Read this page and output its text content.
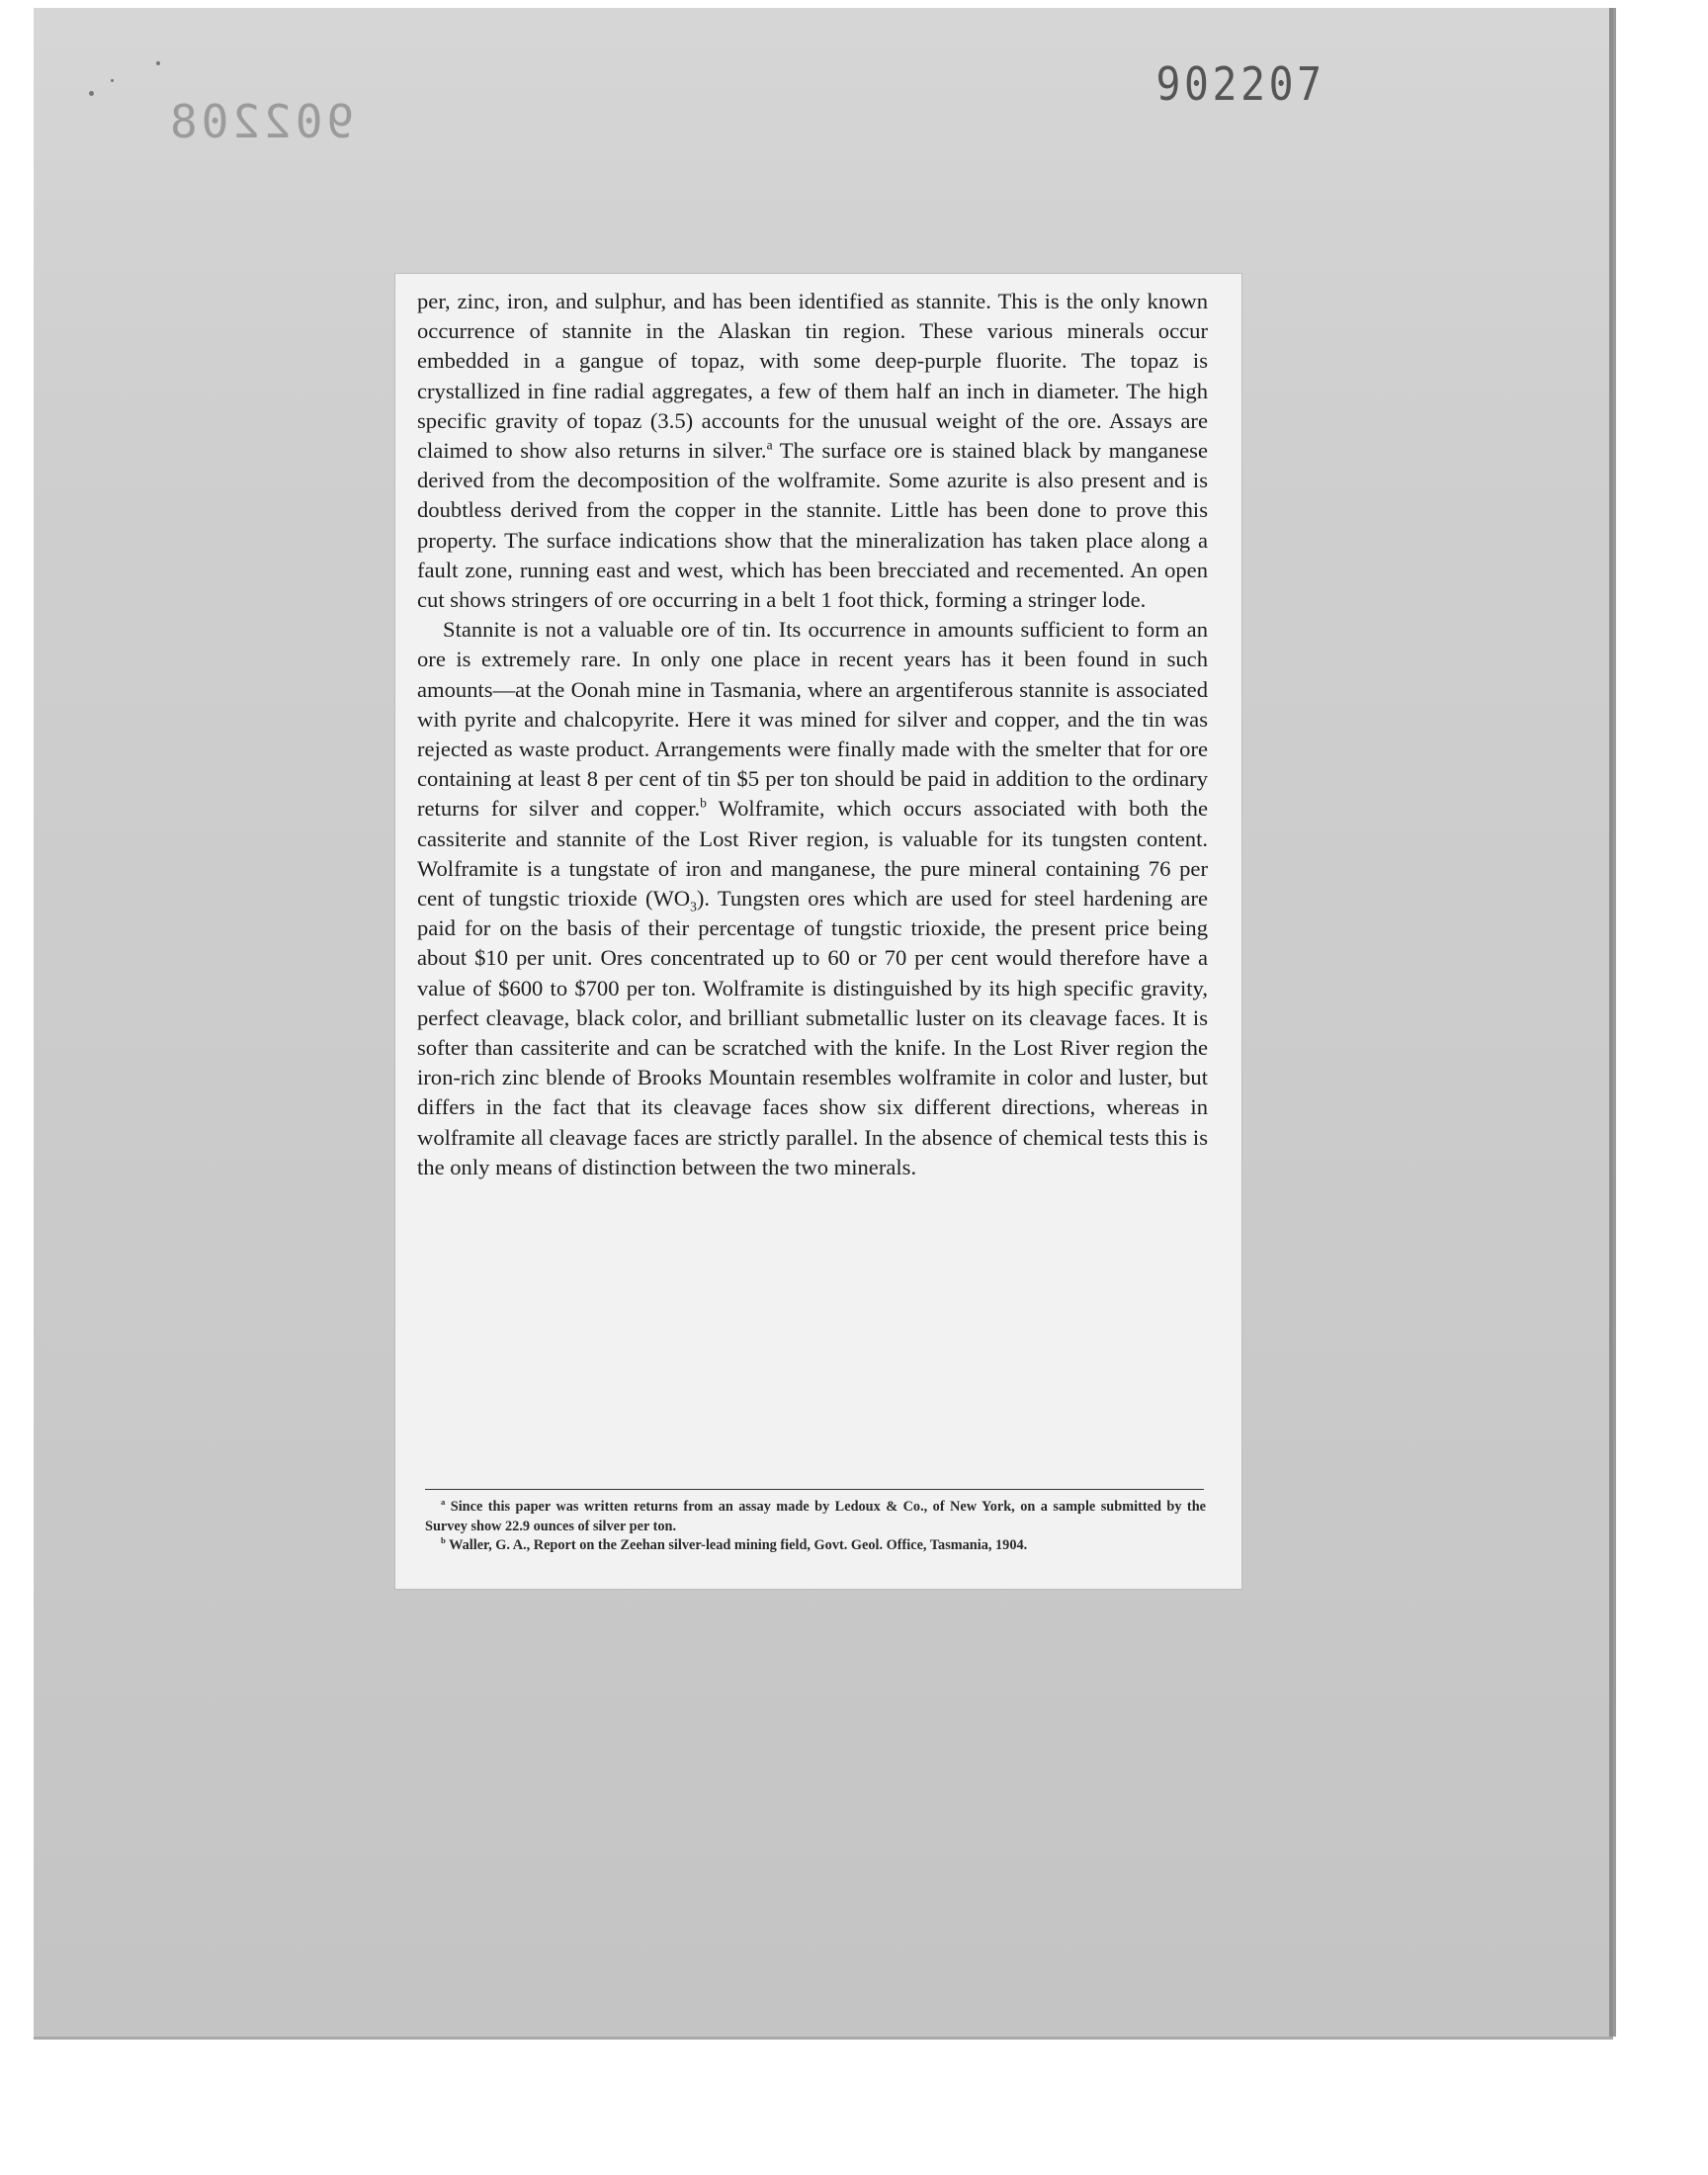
902208
902207

per, zinc, iron, and sulphur, and has been identified as stannite. This is the only known occurrence of stannite in the Alaskan tin region. These various minerals occur embedded in a gangue of topaz, with some deep-purple fluorite. The topaz is crystallized in fine radial aggregates, a few of them half an inch in diameter. The high specific gravity of topaz (3.5) accounts for the unusual weight of the ore. Assays are claimed to show also returns in silver.$^a$ The surface ore is stained black by manganese derived from the decomposition of the wolframite. Some azurite is also present and is doubtless derived from the copper in the stannite. Little has been done to prove this property. The surface indications show that the mineralization has taken place along a fault zone, running east and west, which has been brecciated and recemented. An open cut shows stringers of ore occurring in a belt 1 foot thick, forming a stringer lode.

Stannite is not a valuable ore of tin. Its occurrence in amounts sufficient to form an ore is extremely rare. In only one place in recent years has it been found in such amounts—at the Oonah mine in Tasmania, where an argentiferous stannite is associated with pyrite and chalcopyrite. Here it was mined for silver and copper, and the tin was rejected as waste product. Arrangements were finally made with the smelter that for ore containing at least 8 per cent of tin $5 per ton should be paid in addition to the ordinary returns for silver and copper.$^b$ Wolframite, which occurs associated with both the cassiterite and stannite of the Lost River region, is valuable for its tungsten content. Wolframite is a tungstate of iron and manganese, the pure mineral containing 76 per cent of tungstic trioxide $(WO_3)$. Tungsten ores which are used for steel hardening are paid for on the basis of their percentage of tungstic trioxide, the present price being about $10 per unit. Ores concentrated up to 60 or 70 per cent would therefore have a value of $600 to $700 per ton. Wolframite is distinguished by its high specific gravity, perfect cleavage, black color, and brilliant submetallic luster on its cleavage faces. It is softer than cassiterite and can be scratched with the knife. In the Lost River region the iron-rich zinc blende of Brooks Mountain resembles wolframite in color and luster, but differs in the fact that its cleavage faces show six different directions, whereas in wolframite all cleavage faces are strictly parallel. In the absence of chemical tests this is the only means of distinction between the two minerals.

$^a$ Since this paper was written returns from an assay made by Ledoux & Co., of New York, on a sample submitted by the Survey show 22.9 ounces of silver per ton.

$^b$ Waller, G. A., Report on the Zeehan silver-lead mining field, Govt. Geol. Office, Tasmania, 1904.
